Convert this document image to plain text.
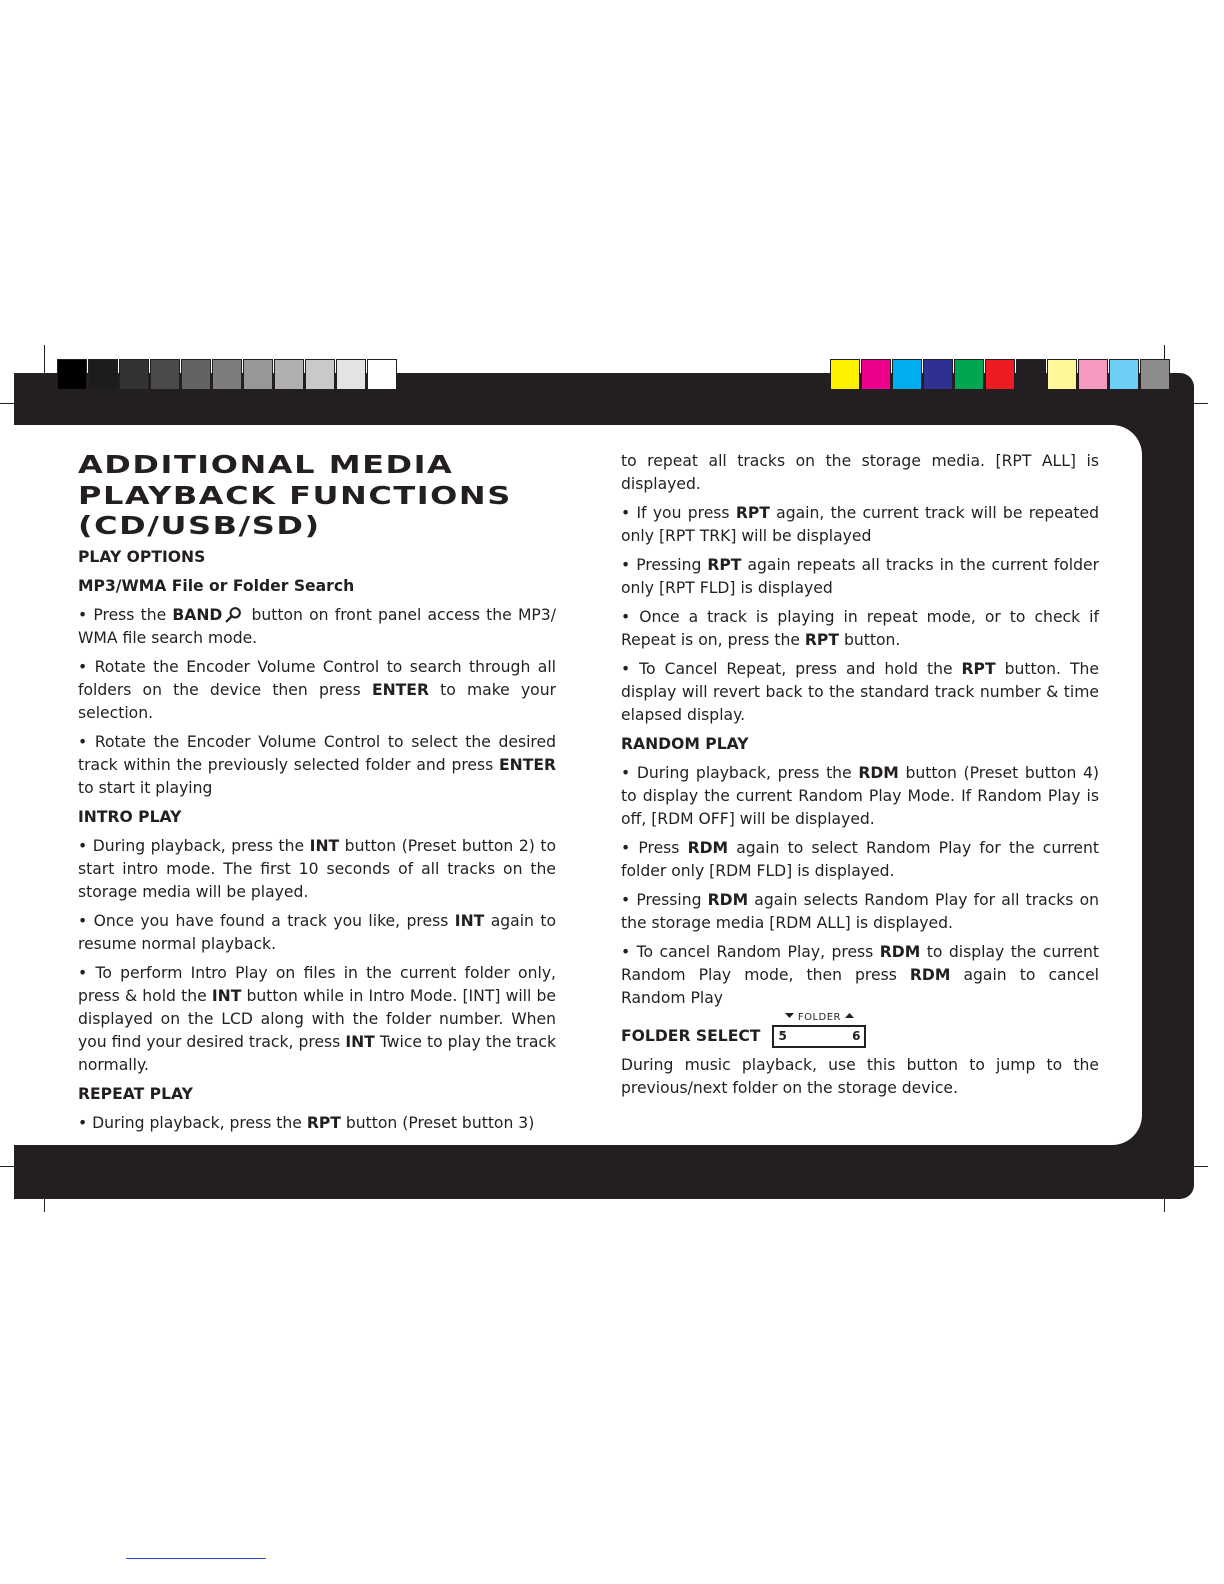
ADDITIONAL MEDIA
PLAYBACK FUNCTIONS
(CD/USB/SD)
PLAY OPTIONS
MP3/WMA File or Folder Search

• Press the BAND button on front panel access the MP3/ WMA file search mode.

• Rotate the Encoder Volume Control to search through all folders on the device then press ENTER to make your selection.

• Rotate the Encoder Volume Control to select the desired track within the previously selected folder and press ENTER to start it playing

INTRO PLAY

• During playback, press the INT button (Preset button 2) to start intro mode. The first 10 seconds of all tracks on the storage media will be played.

• Once you have found a track you like, press INT again to resume normal playback.

• To perform Intro Play on files in the current folder only, press & hold the INT button while in Intro Mode. [INT] will be displayed on the LCD along with the folder number. When you find your desired track, press INT Twice to play the track normally.

REPEAT PLAY

• During playback, press the RPT button (Preset button 3)

to repeat all tracks on the storage media. [RPT ALL] is displayed.

• If you press RPT again, the current track will be repeated only [RPT TRK] will be displayed

• Pressing RPT again repeats all tracks in the current folder only [RPT FLD] is displayed

• Once a track is playing in repeat mode, or to check if Repeat is on, press the RPT button.

• To Cancel Repeat, press and hold the RPT button. The display will revert back to the standard track number & time elapsed display.

RANDOM PLAY

• During playback, press the RDM button (Preset button 4) to display the current Random Play Mode. If Random Play is off, [RDM OFF] will be displayed.

• Press RDM again to select Random Play for the current folder only [RDM FLD] is displayed.

• Pressing RDM again selects Random Play for all tracks on the storage media [RDM ALL] is displayed.

• To cancel Random Play, press RDM to display the current Random Play mode, then press RDM again to cancel Random Play

FOLDER SELECT
FOLDER
5	6

During music playback, use this button to jump to the previous/next folder on the storage device.
